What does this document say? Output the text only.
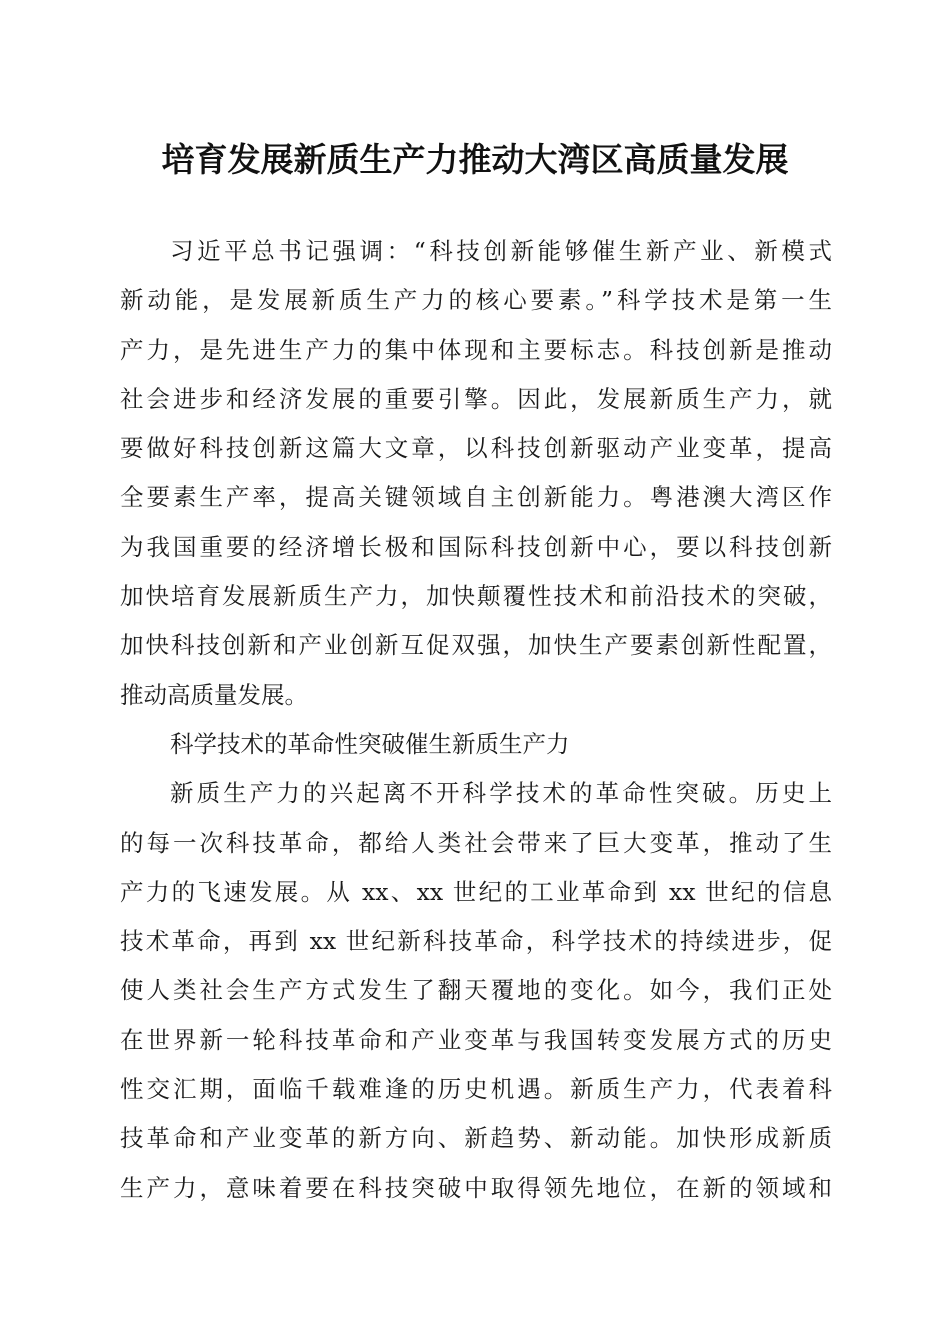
培育发展新质生产力推动大湾区高质量发展
习近平总书记强调：“科技创新能够催生新产业、新模式
新动能，是发展新质生产力的核心要素。”科学技术是第一生
产力，是先进生产力的集中体现和主要标志。科技创新是推动
社会进步和经济发展的重要引擎。因此，发展新质生产力，就
要做好科技创新这篇大文章，以科技创新驱动产业变革，提高
全要素生产率，提高关键领域自主创新能力。粤港澳大湾区作
为我国重要的经济增长极和国际科技创新中心，要以科技创新
加快培育发展新质生产力，加快颠覆性技术和前沿技术的突破，
加快科技创新和产业创新互促双强，加快生产要素创新性配置，
推动高质量发展。
科学技术的革命性突破催生新质生产力
新质生产力的兴起离不开科学技术的革命性突破。历史上
的每一次科技革命，都给人类社会带来了巨大变革，推动了生
产力的飞速发展。从 xx、xx 世纪的工业革命到 xx 世纪的信息
技术革命，再到 xx 世纪新科技革命，科学技术的持续进步，促
使人类社会生产方式发生了翻天覆地的变化。如今，我们正处
在世界新一轮科技革命和产业变革与我国转变发展方式的历史
性交汇期，面临千载难逢的历史机遇。新质生产力，代表着科
技革命和产业变革的新方向、新趋势、新动能。加快形成新质
生产力，意味着要在科技突破中取得领先地位，在新的领域和
